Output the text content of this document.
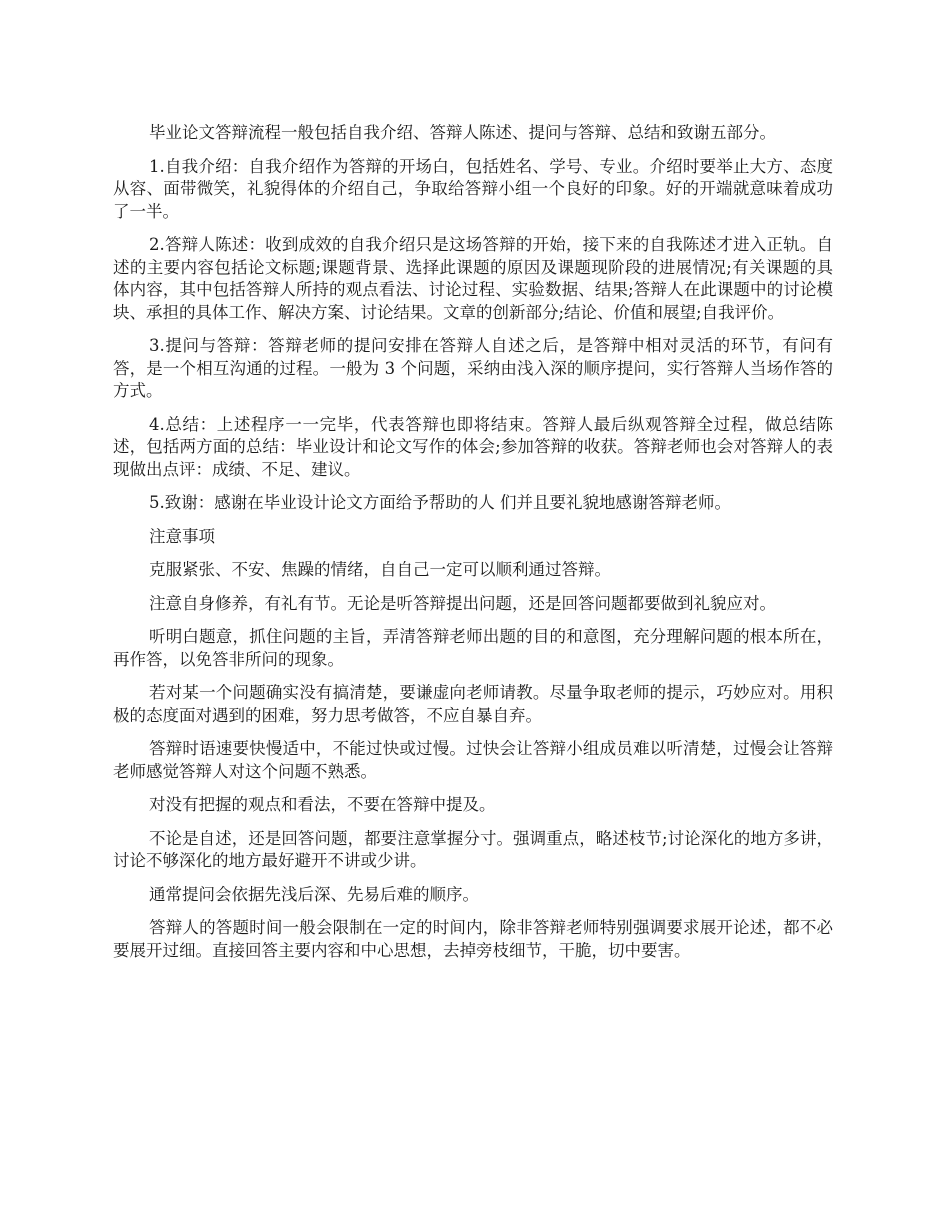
毕业论文答辩流程一般包括自我介绍、答辩人陈述、提问与答辩、总结和致谢五部分。

1.自我介绍：自我介绍作为答辩的开场白，包括姓名、学号、专业。介绍时要举止大方、态度从容、面带微笑，礼貌得体的介绍自己，争取给答辩小组一个良好的印象。好的开端就意味着成功了一半。

2.答辩人陈述：收到成效的自我介绍只是这场答辩的开始，接下来的自我陈述才进入正轨。自述的主要内容包括论文标题;课题背景、选择此课题的原因及课题现阶段的进展情况;有关课题的具体内容，其中包括答辩人所持的观点看法、讨论过程、实验数据、结果;答辩人在此课题中的讨论模块、承担的具体工作、解决方案、讨论结果。文章的创新部分;结论、价值和展望;自我评价。

3.提问与答辩：答辩老师的提问安排在答辩人自述之后，是答辩中相对灵活的环节，有问有答，是一个相互沟通的过程。一般为 3 个问题，采纳由浅入深的顺序提问，实行答辩人当场作答的方式。

4.总结：上述程序一一完毕，代表答辩也即将结束。答辩人最后纵观答辩全过程，做总结陈述，包括两方面的总结：毕业设计和论文写作的体会;参加答辩的收获。答辩老师也会对答辩人的表现做出点评：成绩、不足、建议。

5.致谢：感谢在毕业设计论文方面给予帮助的人 们并且要礼貌地感谢答辩老师。

注意事项

克服紧张、不安、焦躁的情绪，自自己一定可以顺利通过答辩。

注意自身修养，有礼有节。无论是听答辩提出问题，还是回答问题都要做到礼貌应对。

听明白题意，抓住问题的主旨，弄清答辩老师出题的目的和意图，充分理解问题的根本所在，再作答，以免答非所问的现象。

若对某一个问题确实没有搞清楚，要谦虚向老师请教。尽量争取老师的提示，巧妙应对。用积极的态度面对遇到的困难，努力思考做答，不应自暴自弃。

答辩时语速要快慢适中，不能过快或过慢。过快会让答辩小组成员难以听清楚，过慢会让答辩老师感觉答辩人对这个问题不熟悉。

对没有把握的观点和看法，不要在答辩中提及。

不论是自述，还是回答问题，都要注意掌握分寸。强调重点，略述枝节;讨论深化的地方多讲，讨论不够深化的地方最好避开不讲或少讲。

通常提问会依据先浅后深、先易后难的顺序。

答辩人的答题时间一般会限制在一定的时间内，除非答辩老师特别强调要求展开论述，都不必要展开过细。直接回答主要内容和中心思想，去掉旁枝细节，干脆，切中要害。
